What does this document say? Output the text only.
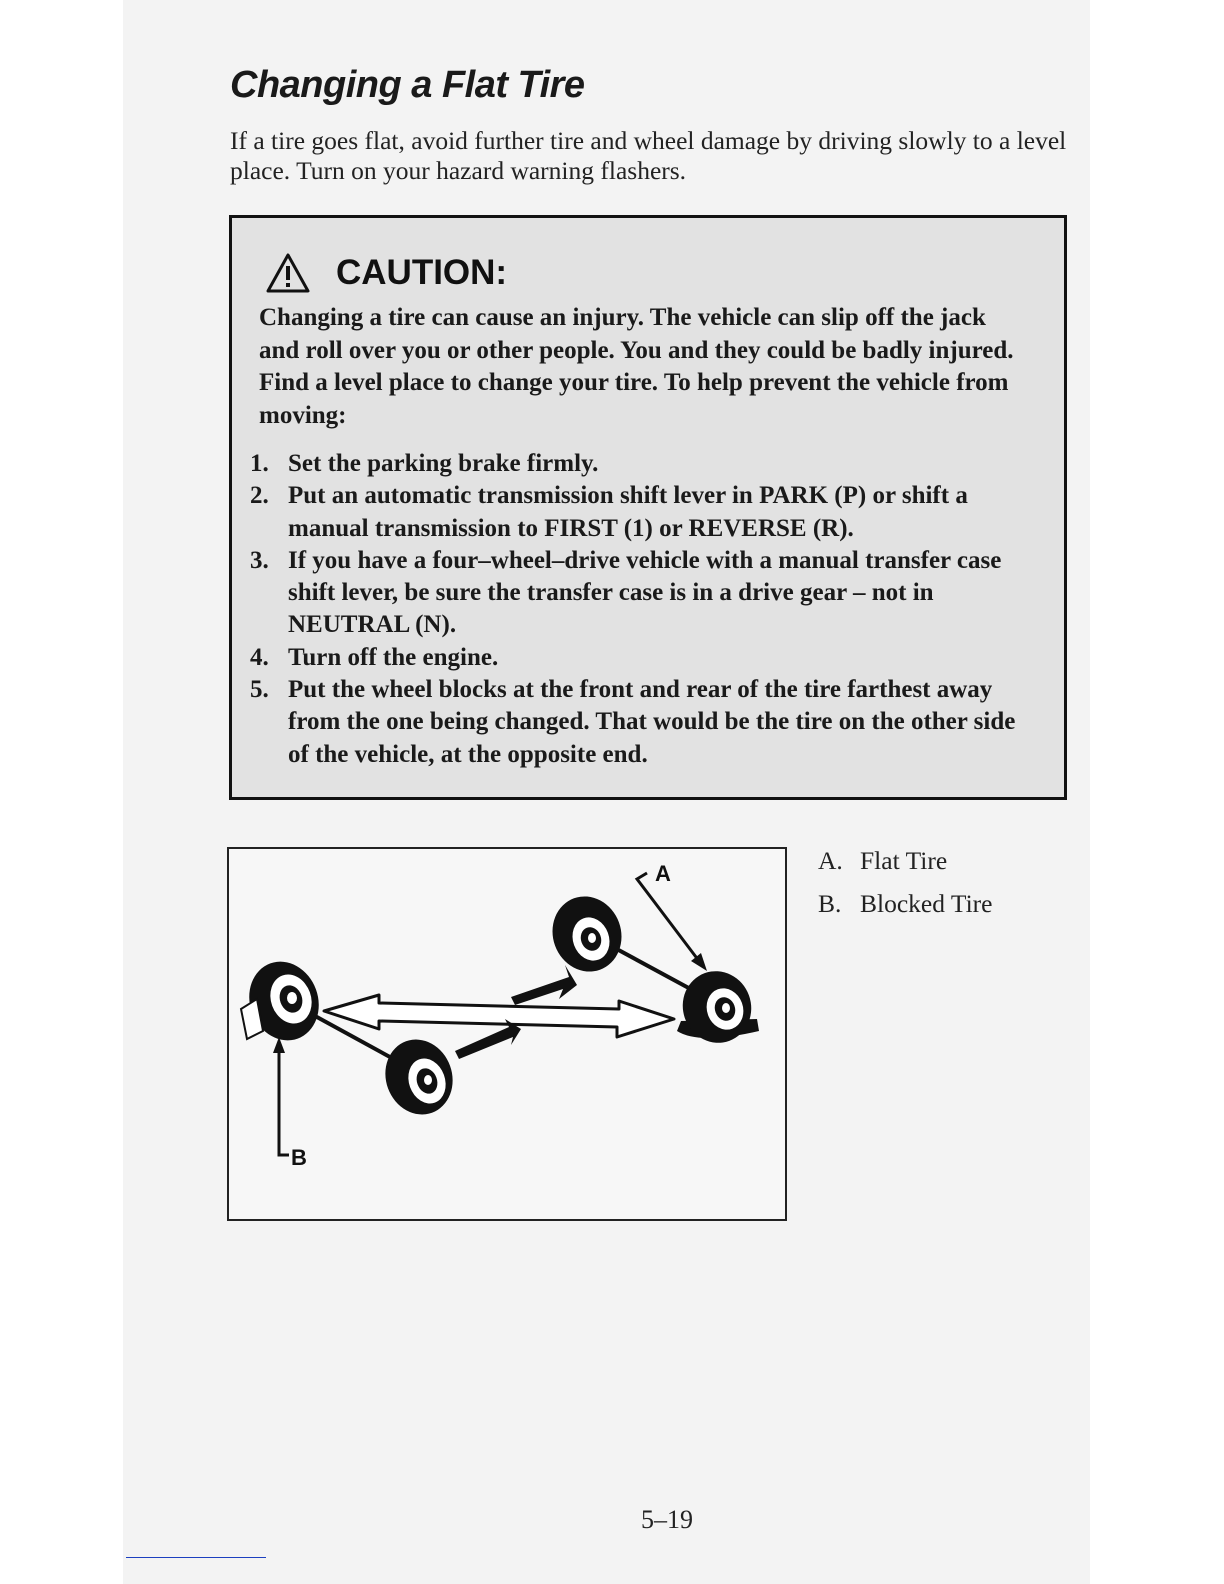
Changing a Flat Tire

If a tire goes flat, avoid further tire and wheel damage by driving slowly to a level place. Turn on your hazard warning flashers.

CAUTION:

Changing a tire can cause an injury. The vehicle can slip off the jack and roll over you or other people. You and they could be badly injured. Find a level place to change your tire. To help prevent the vehicle from moving:

1. Set the parking brake firmly.
2. Put an automatic transmission shift lever in PARK (P) or shift a manual transmission to FIRST (1) or REVERSE (R).
3. If you have a four–wheel–drive vehicle with a manual transfer case shift lever, be sure the transfer case is in a drive gear – not in NEUTRAL (N).
4. Turn off the engine.
5. Put the wheel blocks at the front and rear of the tire farthest away from the one being changed. That would be the tire on the other side of the vehicle, at the opposite end.
A
B
A. Flat Tire
B. Blocked Tire
5–19
